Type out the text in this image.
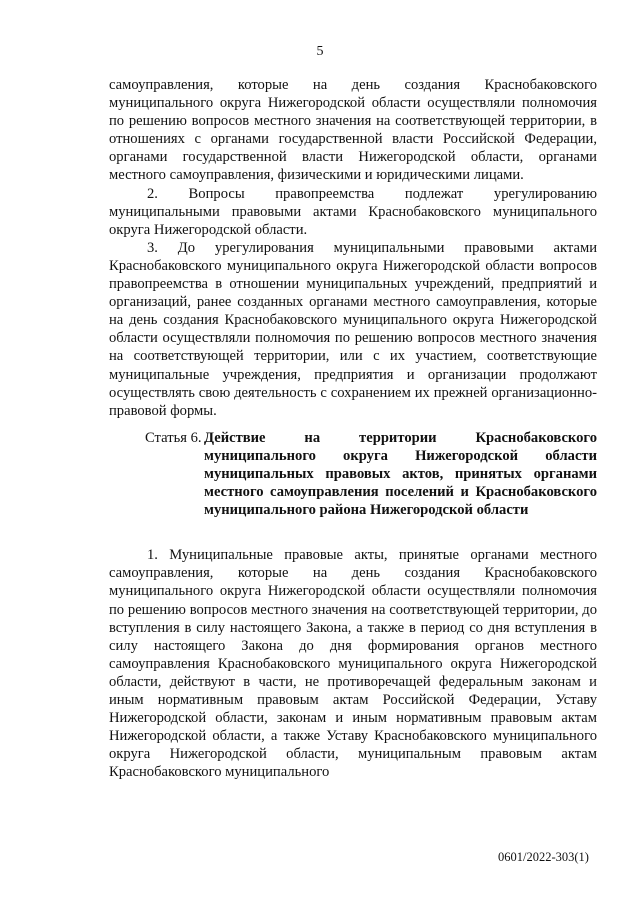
5

самоуправления, которые на день создания Краснобаковского муниципального округа Нижегородской области осуществляли полномочия по решению вопросов местного значения на соответствующей территории, в отношениях с органами государственной власти Российской Федерации, органами государственной власти Нижегородской области, органами местного самоуправления, физическими и юридическими лицами.

2. Вопросы правопреемства подлежат урегулированию муниципальными правовыми актами Краснобаковского муниципального округа Нижегородской области.

3. До урегулирования муниципальными правовыми актами Краснобаковского муниципального округа Нижегородской области вопросов правопреемства в отношении муниципальных учреждений, предприятий и организаций, ранее созданных органами местного самоуправления, которые на день создания Краснобаковского муниципального округа Нижегородской области осуществляли полномочия по решению вопросов местного значения на соответствующей территории, или с их участием, соответствующие муниципальные учреждения, предприятия и организации продолжают осуществлять свою деятельность с сохранением их прежней организационно-правовой формы.

Статья 6. Действие на территории Краснобаковского муниципального округа Нижегородской области муниципальных правовых актов, принятых органами местного самоуправления поселений и Краснобаковского муниципального района Нижегородской области

1. Муниципальные правовые акты, принятые органами местного самоуправления, которые на день создания Краснобаковского муниципального округа Нижегородской области осуществляли полномочия по решению вопросов местного значения на соответствующей территории, до вступления в силу настоящего Закона, а также в период со дня вступления в силу настоящего Закона до дня формирования органов местного самоуправления Краснобаковского муниципального округа Нижегородской области, действуют в части, не противоречащей федеральным законам и иным нормативным правовым актам Российской Федерации, Уставу Нижегородской области, законам и иным нормативным правовым актам Нижегородской области, а также Уставу Краснобаковского муниципального округа Нижегородской области, муниципальным правовым актам Краснобаковского муниципального

0601/2022-303(1)
